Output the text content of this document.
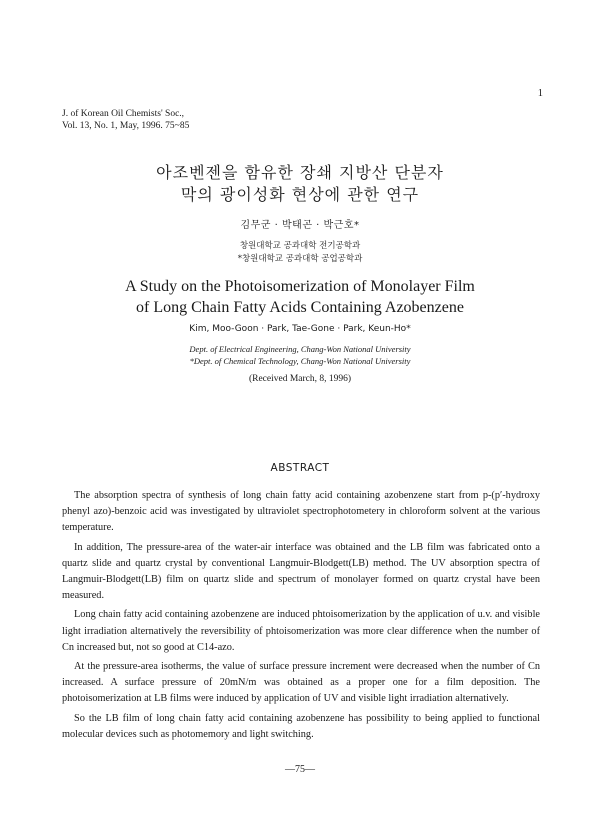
1
J. of Korean Oil Chemists' Soc.,
Vol. 13, No. 1, May, 1996. 75~85
아조벤젠을 함유한 장쇄 지방산 단분자
막의 광이성화 현상에 관한 연구
김무군 · 박태곤 · 박근호*
창원대학교 공과대학 전기공학과
*창원대학교 공과대학 공업공학과
A Study on the Photoisomerization of Monolayer Film
of Long Chain Fatty Acids Containing Azobenzene
Kim, Moo-Goon · Park, Tae-Gone · Park, Keun-Ho*
Dept. of Electrical Engineering, Chang-Won National University
*Dept. of Chemical Technology, Chang-Won National University
(Received March, 8, 1996)
ABSTRACT

The absorption spectra of synthesis of long chain fatty acid containing azobenzene start from p-(p′-hydroxy phenyl azo)-benzoic acid was investigated by ultraviolet spectrophotometery in chloroform solvent at the various temperature.

In addition, The pressure-area of the water-air interface was obtained and the LB film was fabricated onto a quartz slide and quartz crystal by conventional Langmuir-Blodgett(LB) method. The UV absorption spectra of Langmuir-Blodgett(LB) film on quartz slide and spectrum of monolayer formed on quartz crystal have been measured.

Long chain fatty acid containing azobenzene are induced phtoisomerization by the application of u.v. and visible light irradiation alternatively the reversibility of phtoisomerization was more clear difference when the number of Cn increased but, not so good at C14-azo.

At the pressure-area isotherms, the value of surface pressure increment were decreased when the number of Cn increased. A surface pressure of 20mN/m was obtained as a proper one for a film deposition. The photoisomerization at LB films were induced by application of UV and visible light irradiation alternatively.

So the LB film of long chain fatty acid containing azobenzene has possibility to being applied to functional molecular devices such as photomemory and light switching.

—75—
